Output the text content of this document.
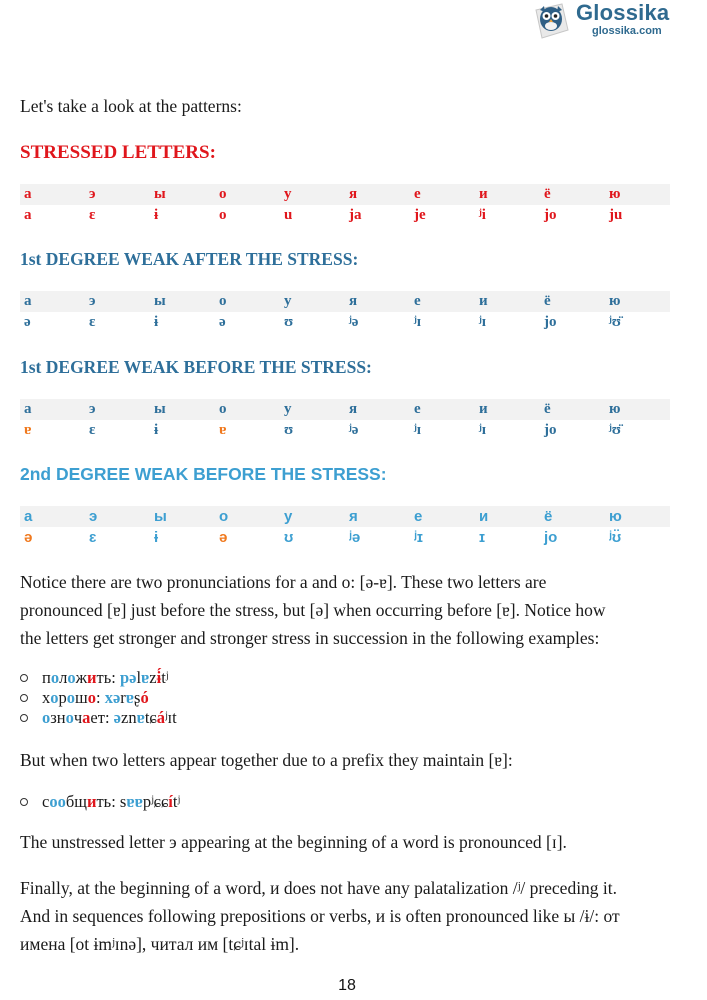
Glossika
glossika.com

Let's take a look at the patterns:

STRESSED LETTERS:
а	э	ы	о	у	я	е	и	ё	ю
a	ɛ	ɨ	o	u	ja	je	ʲi	jo	ju
1st DEGREE WEAK AFTER THE STRESS:
а	э	ы	о	у	я	е	и	ё	ю
ə	ɛ	ɨ	ə	ʊ	ʲə	ʲɪ	ʲɪ	jo	ʲʊ̈
1st DEGREE WEAK BEFORE THE STRESS:
а	э	ы	о	у	я	е	и	ё	ю
ɐ	ɛ	ɨ	ɐ	ʊ	ʲə	ʲɪ	ʲɪ	jo	ʲʊ̈
2nd DEGREE WEAK BEFORE THE STRESS:
а	э	ы	о	у	я	е	и	ё	ю
ə	ɛ	ɨ	ə	ʊ	ʲə	ʲɪ	ɪ	jo	ʲʊ̈

Notice there are two pronunciations for a and o: [ə-ɐ]. These two letters are
pronounced [ɐ] just before the stress, but [ə] when occurring before [ɐ]. Notice how
the letters get stronger and stronger stress in succession in the following examples:

положить: pəlɐzɨ́tʲ
хорошо: xərɐʂó
озночает: əznɐtɕáʲɪt

But when two letters appear together due to a prefix they maintain [ɐ]:

сообщить: sɐɐpʲɕɕítʲ

The unstressed letter э appearing at the beginning of a word is pronounced [ɪ].

Finally, at the beginning of a word, и does not have any palatalization /ʲ/ preceding it.
And in sequences following prepositions or verbs, и is often pronounced like ы /ɨ/: от
имена [ot ɨmʲɪnə], читал им [tɕʲɪtal ɨm].

18
